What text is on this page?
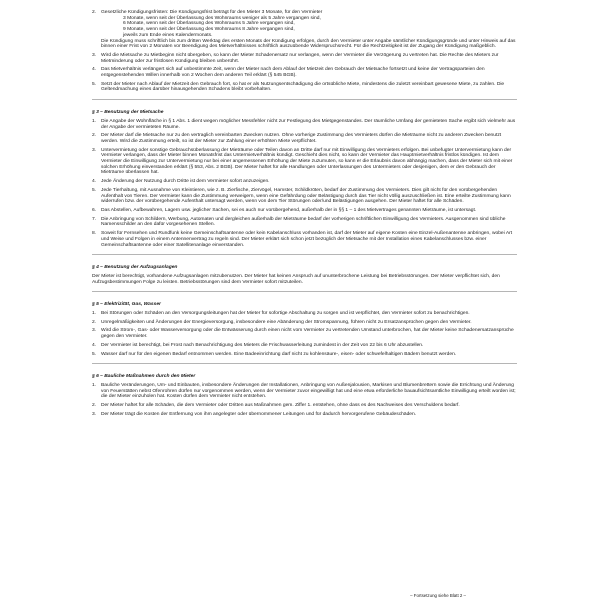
2.	Gesetzliche Kündigungsfristen: Die Kündigungsfrist beträgt für den Mieter 3 Monate, für den Vermieter
3 Monate, wenn seit der Überlassung des Wohnraums weniger als 5 Jahre vergangen sind,
6 Monate, wenn seit der Überlassung des Wohnraums 5 Jahre vergangen sind,
9 Monate, wenn seit der Überlassung des Wohnraums 8 Jahre vergangen sind,
jeweils zum Ende eines Kalendermonats.
Die Kündigung muss schriftlich bis zum dritten Werktag des ersten Monats der Kündigung erfolgen, durch den Vermieter unter Angabe sämtlicher Kündigungsgründe und unter Hinweis auf das binnen einer Frist von 2 Monaten vor Beendigung des Mietverhältnisses schriftlich auszuübende Widerspruchsrecht. Für die Rechtzeitigkeit ist der Zugang der Kündigung maßgeblich.
3.	Wird die Mietsache zu Mietbeginn nicht übergeben, so kann der Mieter Schadenersatz nur verlangen, wenn der Vermieter die Verzögerung zu vertreten hat. Die Rechte des Mieters zur Mietminderung oder zur fristlosen Kündigung bleiben unberührt.
4.	Das Mietverhältnis verlängert sich auf unbestimmte Zeit, wenn der Mieter nach dem Ablauf der Mietzeit den Gebrauch der Mietsache fortsetzt und keine der Vertragsparteien den entgegenstehenden Willen innerhalb von 2 Wochen dem anderen Teil erklärt (§ 545 BGB).
5.	Setzt der Mieter nach Ablauf der Mietzeit den Gebrauch fort, so hat er als Nutzungsentschädigung die ortsübliche Miete, mindestens die zuletzt vereinbart gewesene Miete, zu zahlen. Die Geltendmachung eines darüber hinausgehenden Schadens bleibt vorbehalten.
§ 3 – Benutzung der Mietsache
1.	Die Angabe der Wohnfläche in § 1 Abs. 1 dient wegen möglicher Messfehler nicht zur Festlegung des Mietgegenstandes. Der räumliche Umfang der gemieteten Sache ergibt sich vielmehr aus der Angabe der vermieteten Räume.
2.	Der Mieter darf die Mietsache nur zu den vertraglich vereinbarten Zwecken nutzen. Ohne vorherige Zustimmung des Vermieters dürfen die Mieträume nicht zu anderen Zwecken benutzt werden. Wird die Zustimmung erteilt, so ist der Mieter zur Zahlung einer erhöhten Miete verpflichtet.
3.	Untervermietung oder sonstige Gebrauchsüberlassung der Mieträume oder Teilen davon an Dritte darf nur mit Einwilligung des Vermieters erfolgen. Bei unbefugter Untervermietung kann der Vermieter verlangen, dass der Mieter binnen Monatsfrist das Untermietverhältnis kündigt. Geschieht dies nicht, so kann der Vermieter das Hauptmietverhältnis fristlos kündigen. Ist dem Vermieter die Einwilligung zur Untervermietung nur bei einer angemessenen Erhöhung der Miete zuzumuten, so kann er die Erlaubnis davon abhängig machen, dass der Mieter sich mit einer solchen Erhöhung einverstanden erklärt (§ 553, Abs. 2 BGB). Der Mieter haftet für alle Handlungen oder Unterlassungen des Untermieters oder desjenigen, dem er den Gebrauch der Mieträume überlassen hat.
4.	Jede Änderung der Nutzung durch Dritte ist dem Vermieter sofort anzuzeigen.
5.	Jede Tierhaltung, mit Ausnahme von Kleintieren, wie z. B. Zierfische, Ziervögel, Hamster, Schildkröten, bedarf der Zustimmung des Vermieters. Dies gilt nicht für den vorübergehenden Aufenthalt von Tieren. Der Vermieter kann die Zustimmung verweigern, wenn eine Gefährdung oder Belästigung durch das Tier nicht völlig auszuschließen ist. Eine erteilte Zustimmung kann widerrufen bzw. der vorübergehende Aufenthalt untersagt werden, wenn von dem Tier Störungen oder/und Belästigungen ausgehen. Der Mieter haftet für alle Schäden.
6.	Das Abstellen, Aufbewahren, Lagern usw. jeglicher Sachen, sei es auch nur vorübergehend, außerhalb der in §§ 1 – 1 des Mietvertrages genannten Mieträume, ist untersagt.
7.	Die Anbringung von Schildern, Werbung, Automaten und dergleichen außerhalb der Mieträume bedarf der vorherigen schriftlichen Einwilligung des Vermieters. Ausgenommen sind übliche Namensschilder an den dafür vorgesehenen Stellen.
8.	Soweit für Fernsehen und Rundfunk keine Gemeinschaftsantenne oder kein Kabelanschluss vorhanden ist, darf der Mieter auf eigene Kosten eine Einzel-Außenantenne anbringen, wobei Art und Weise und Folgen in einem Antennenvertrag zu regeln sind. Der Mieter erklärt sich schon jetzt bezüglich der Mietsache mit der Installation eines Kabelanschlusses bzw. einer Gemeinschaftsantenne oder einer Satellitenanlage einverstanden.
§ 4 – Benutzung der Aufzugsanlagen
Der Mieter ist berechtigt, vorhandene Aufzugsanlagen mitzubenutzen. Der Mieter hat keinen Anspruch auf ununterbrochene Leistung bei Betriebsstörungen. Der Mieter verpflichtet sich, den Aufzugsbestimmungen Folge zu leisten. Betriebsstörungen sind dem Vermieter sofort mitzuteilen.
§ 5 – Elektrizität, Gas, Wasser
1.	Bei Störungen oder Schäden an den Versorgungsleitungen hat der Mieter für sofortige Abschaltung zu sorgen und ist verpflichtet, den Vermieter sofort zu benachrichtigen.
2.	Unregelmäßigkeiten und Änderungen der Energieversorgung, insbesondere eine Abänderung der Stromspannung, führen nicht zu Ersatzansprüchen gegen den Vermieter.
3.	Wird die Strom-, Gas- oder Wasserversorgung oder die Entwässerung durch einen nicht vom Vermieter zu vertretenden Umstand unterbrochen, hat der Mieter keine Schadenersatzansprüche gegen den Vermieter.
4.	Der Vermieter ist berechtigt, bei Frost nach Benachrichtigung des Mieters die Frischwasserleitung zumindest in der Zeit von 22 bis 6 Uhr abzustellen.
5.	Wasser darf nur für den eigenen Bedarf entnommen werden. Eine Badeeinrichtung darf nicht zu kohlensäure-, eisen- oder schwefelhaltigen Bädern benutzt werden.
§ 6 – Bauliche Maßnahmen durch den Mieter
1.	Bauliche Veränderungen, Um- und Einbauten, insbesondere Änderungen der Installationen, Anbringung von Außenjalousien, Markisen und Blumenbrettern sowie die Errichtung und Änderung von Feuerstätten nebst Ofenrohren dürfen nur vorgenommen werden, wenn der Vermieter zuvor eingewilligt hat und eine etwa erforderliche bauaufsichtsamtliche Einwilligung erteilt worden ist; die der Mieter einzuholen hat. Kosten dürfen dem Vermieter nicht entstehen.
2.	Der Mieter haftet für alle Schäden, die dem Vermieter oder Dritten aus Maßnahmen gem. Ziffer 1. entstehen, ohne dass es des Nachweises des Verschuldens bedarf.
3.	Der Mieter trägt die Kosten der Entfernung von ihm angelegter oder übernommener Leitungen und für dadurch hervorgerufene Gebäudeschäden.
– Fortsetzung siehe Blatt 2 –
